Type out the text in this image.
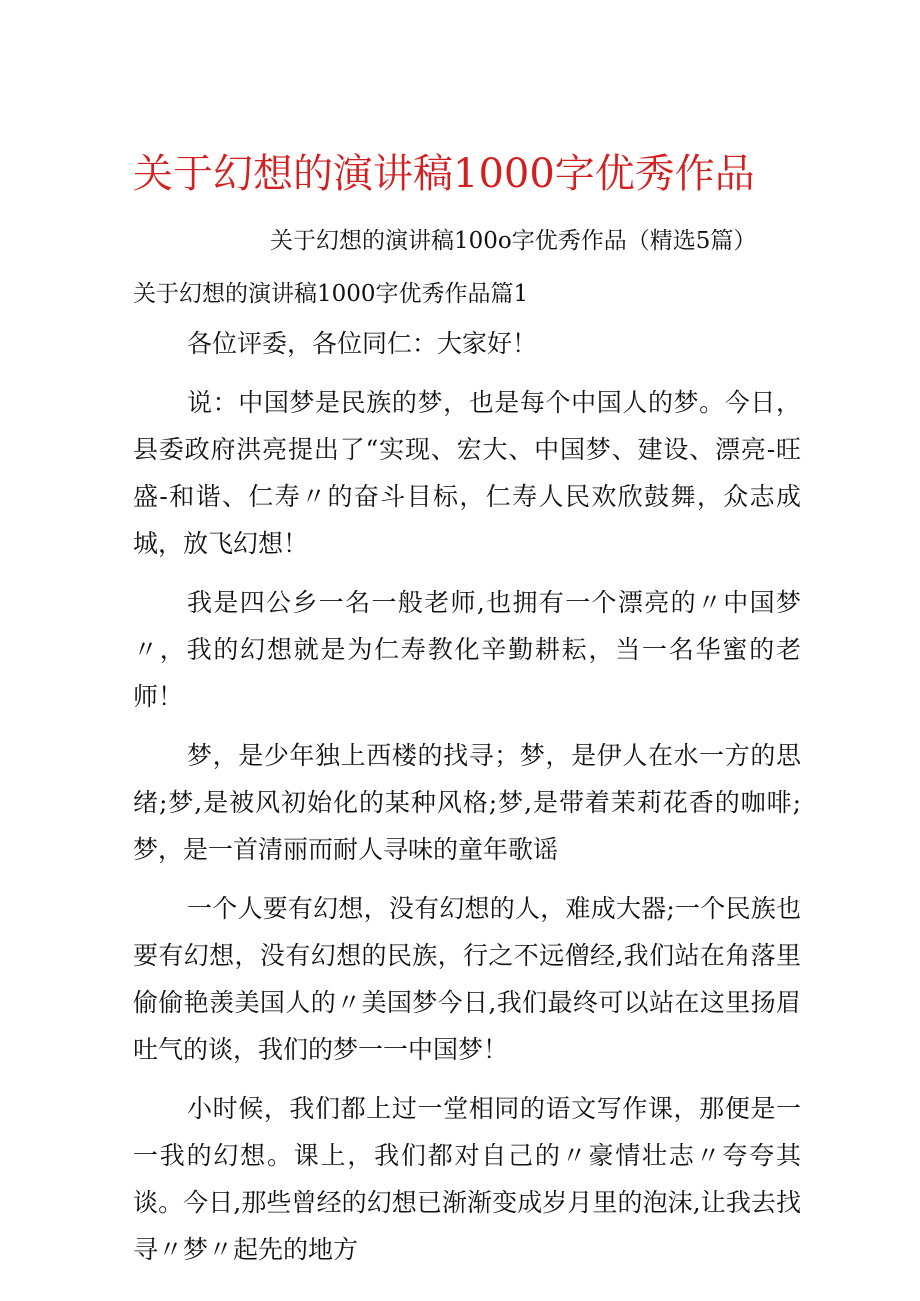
关于幻想的演讲稿1000字优秀作品
关于幻想的演讲稿100o字优秀作品（精选5篇）
关于幻想的演讲稿1000字优秀作品篇1

各位评委，各位同仁：大家好！

说：中国梦是民族的梦，也是每个中国人的梦。今日，县委政府洪亮提出了“实现、宏大、中国梦、建设、漂亮-旺盛-和谐、仁寿〃的奋斗目标，仁寿人民欢欣鼓舞，众志成城，放飞幻想！

我是四公乡一名一般老师,也拥有一个漂亮的〃中国梦〃，我的幻想就是为仁寿教化辛勤耕耘，当一名华蜜的老师！

梦，是少年独上西楼的找寻；梦，是伊人在水一方的思绪;梦,是被风初始化的某种风格;梦,是带着茉莉花香的咖啡;梦，是一首清丽而耐人寻味的童年歌谣

一个人要有幻想，没有幻想的人，难成大器;一个民族也要有幻想，没有幻想的民族，行之不远僧经,我们站在角落里偷偷艳羡美国人的〃美国梦今日,我们最终可以站在这里扬眉吐气的谈，我们的梦一一中国梦！

小时候，我们都上过一堂相同的语文写作课，那便是一一我的幻想。课上，我们都对自己的〃豪情壮志〃夸夸其谈。今日,那些曾经的幻想已渐渐变成岁月里的泡沫,让我去找寻〃梦〃起先的地方
